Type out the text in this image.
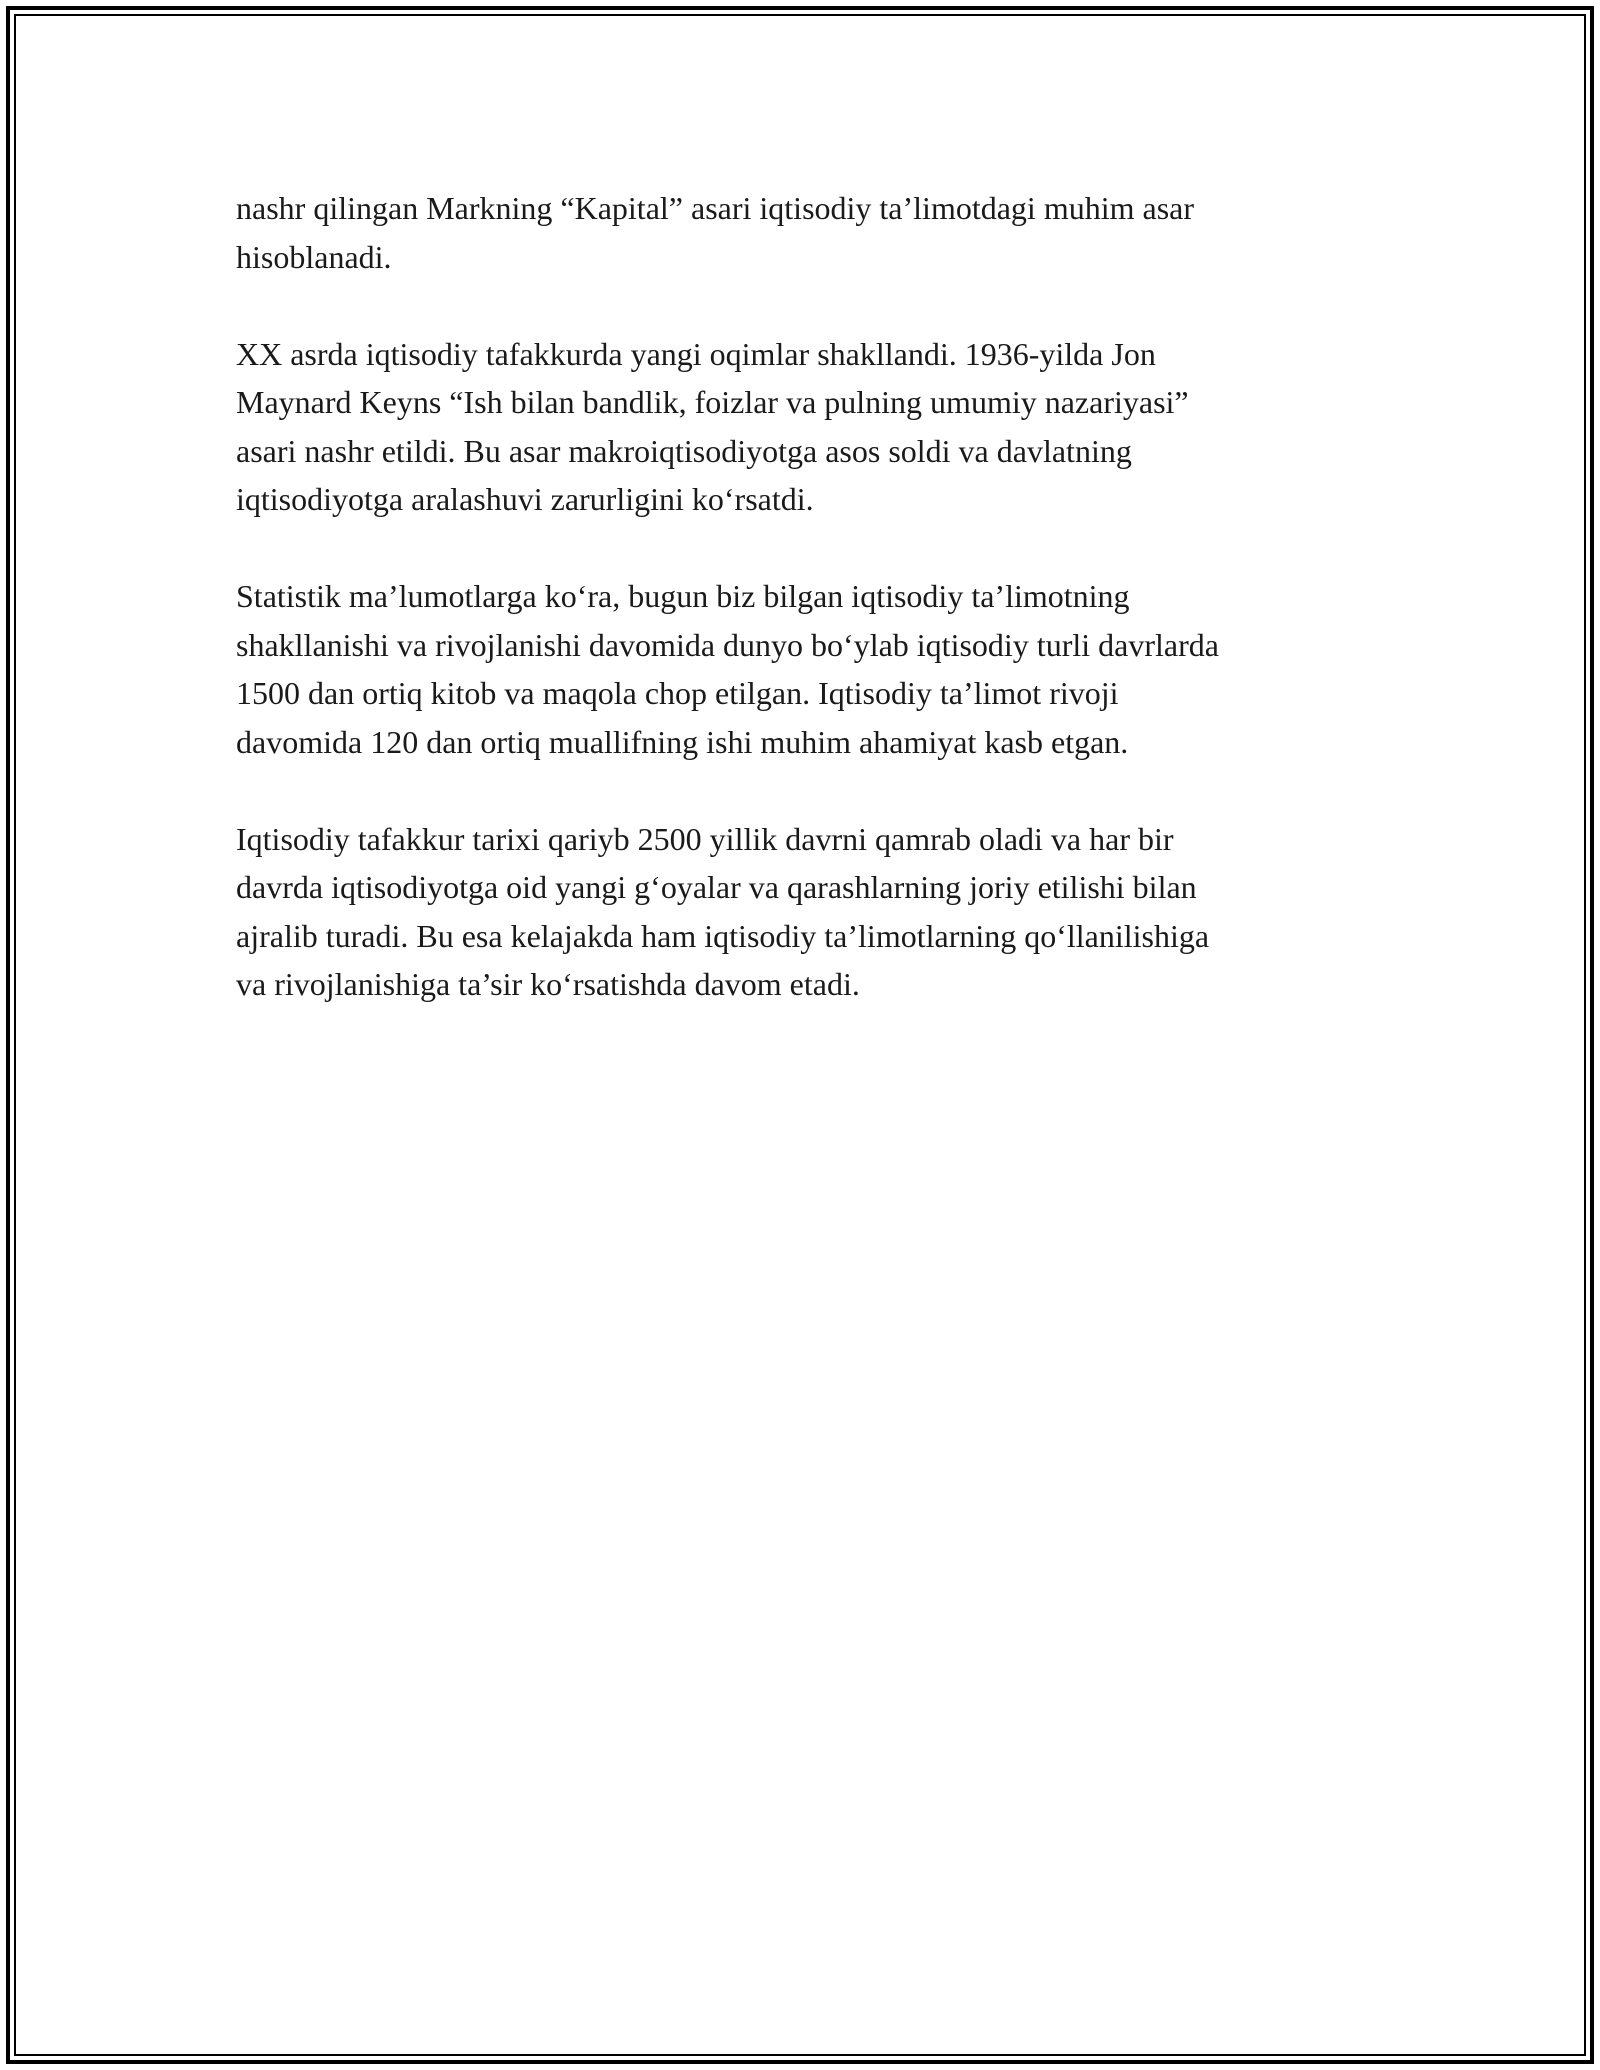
nashr qilingan Markning “Kapital” asari iqtisodiy ta’limotdagi muhim asar
hisoblanadi.

XX asrda iqtisodiy tafakkurda yangi oqimlar shakllandi. 1936-yilda Jon
Maynard Keyns “Ish bilan bandlik, foizlar va pulning umumiy nazariyasi”
asari nashr etildi. Bu asar makroiqtisodiyotga asos soldi va davlatning
iqtisodiyotga aralashuvi zarurligini ko‘rsatdi.

Statistik ma’lumotlarga ko‘ra, bugun biz bilgan iqtisodiy ta’limotning
shakllanishi va rivojlanishi davomida dunyo bo‘ylab iqtisodiy turli davrlarda
1500 dan ortiq kitob va maqola chop etilgan. Iqtisodiy ta’limot rivoji
davomida 120 dan ortiq muallifning ishi muhim ahamiyat kasb etgan.

Iqtisodiy tafakkur tarixi qariyb 2500 yillik davrni qamrab oladi va har bir
davrda iqtisodiyotga oid yangi g‘oyalar va qarashlarning joriy etilishi bilan
ajralib turadi. Bu esa kelajakda ham iqtisodiy ta’limotlarning qo‘llanilishiga
va rivojlanishiga ta’sir ko‘rsatishda davom etadi.
